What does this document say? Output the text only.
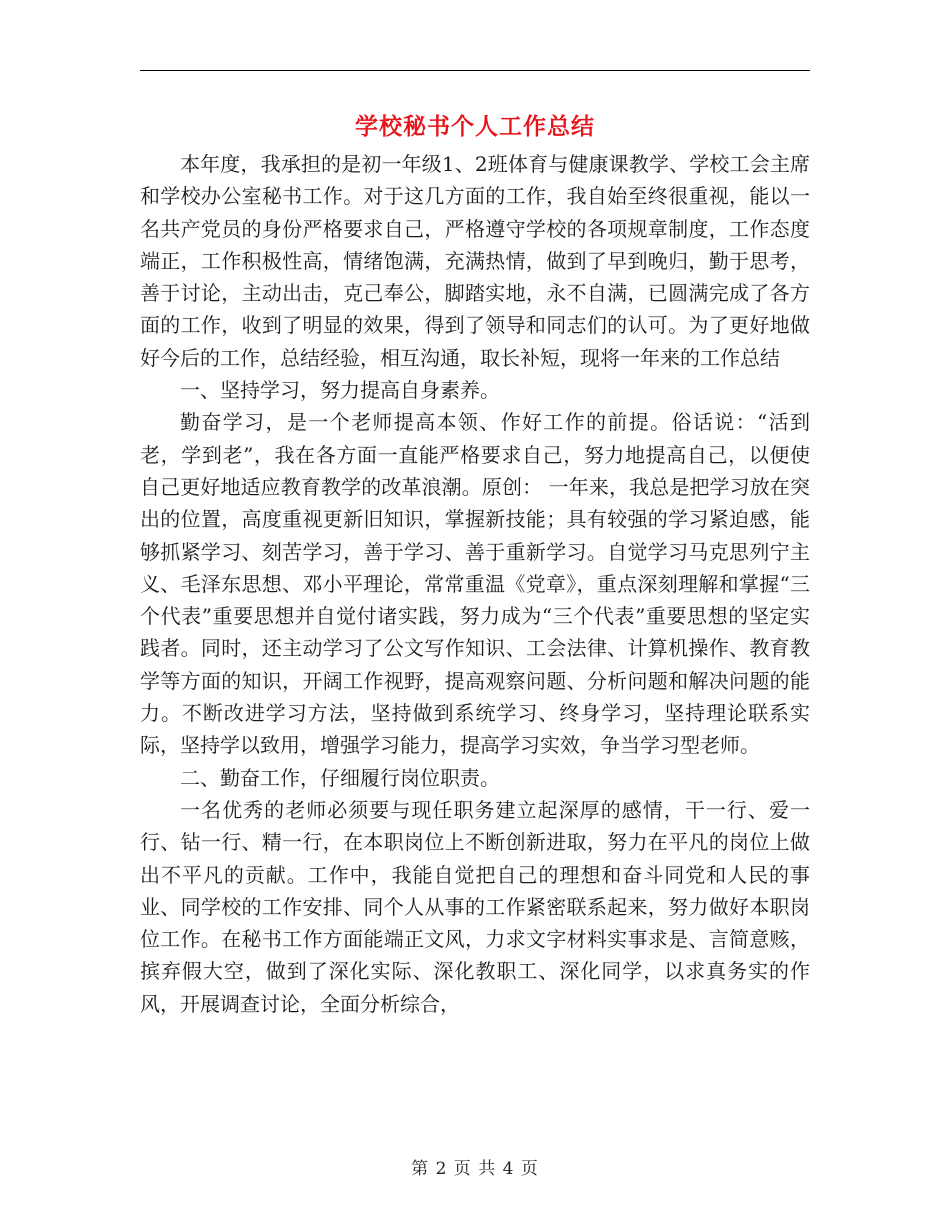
学校秘书个人工作总结

本年度，我承担的是初一年级1、2班体育与健康课教学、学校工会主席和学校办公室秘书工作。对于这几方面的工作，我自始至终很重视，能以一名共产党员的身份严格要求自己，严格遵守学校的各项规章制度，工作态度端正，工作积极性高，情绪饱满，充满热情，做到了早到晚归，勤于思考，善于讨论，主动出击，克己奉公，脚踏实地，永不自满，已圆满完成了各方面的工作，收到了明显的效果，得到了领导和同志们的认可。为了更好地做好今后的工作，总结经验，相互沟通，取长补短，现将一年来的工作总结

一、坚持学习，努力提高自身素养。

勤奋学习，是一个老师提高本领、作好工作的前提。俗话说：“活到老，学到老”，我在各方面一直能严格要求自己，努力地提高自己，以便使自己更好地适应教育教学的改革浪潮。原创： 一年来，我总是把学习放在突出的位置，高度重视更新旧知识，掌握新技能；具有较强的学习紧迫感，能够抓紧学习、刻苦学习，善于学习、善于重新学习。自觉学习马克思列宁主义、毛泽东思想、邓小平理论，常常重温《党章》，重点深刻理解和掌握“三个代表”重要思想并自觉付诸实践，努力成为“三个代表”重要思想的坚定实践者。同时，还主动学习了公文写作知识、工会法律、计算机操作、教育教学等方面的知识，开阔工作视野，提高观察问题、分析问题和解决问题的能力。不断改进学习方法，坚持做到系统学习、终身学习，坚持理论联系实际，坚持学以致用，增强学习能力，提高学习实效，争当学习型老师。

二、勤奋工作，仔细履行岗位职责。

一名优秀的老师必须要与现任职务建立起深厚的感情，干一行、爱一行、钻一行、精一行，在本职岗位上不断创新进取，努力在平凡的岗位上做出不平凡的贡献。工作中，我能自觉把自己的理想和奋斗同党和人民的事业、同学校的工作安排、同个人从事的工作紧密联系起来，努力做好本职岗位工作。在秘书工作方面能端正文风，力求文字材料实事求是、言简意赅，摈弃假大空，做到了深化实际、深化教职工、深化同学，以求真务实的作风，开展调查讨论，全面分析综合，

第 2 页 共 4 页
